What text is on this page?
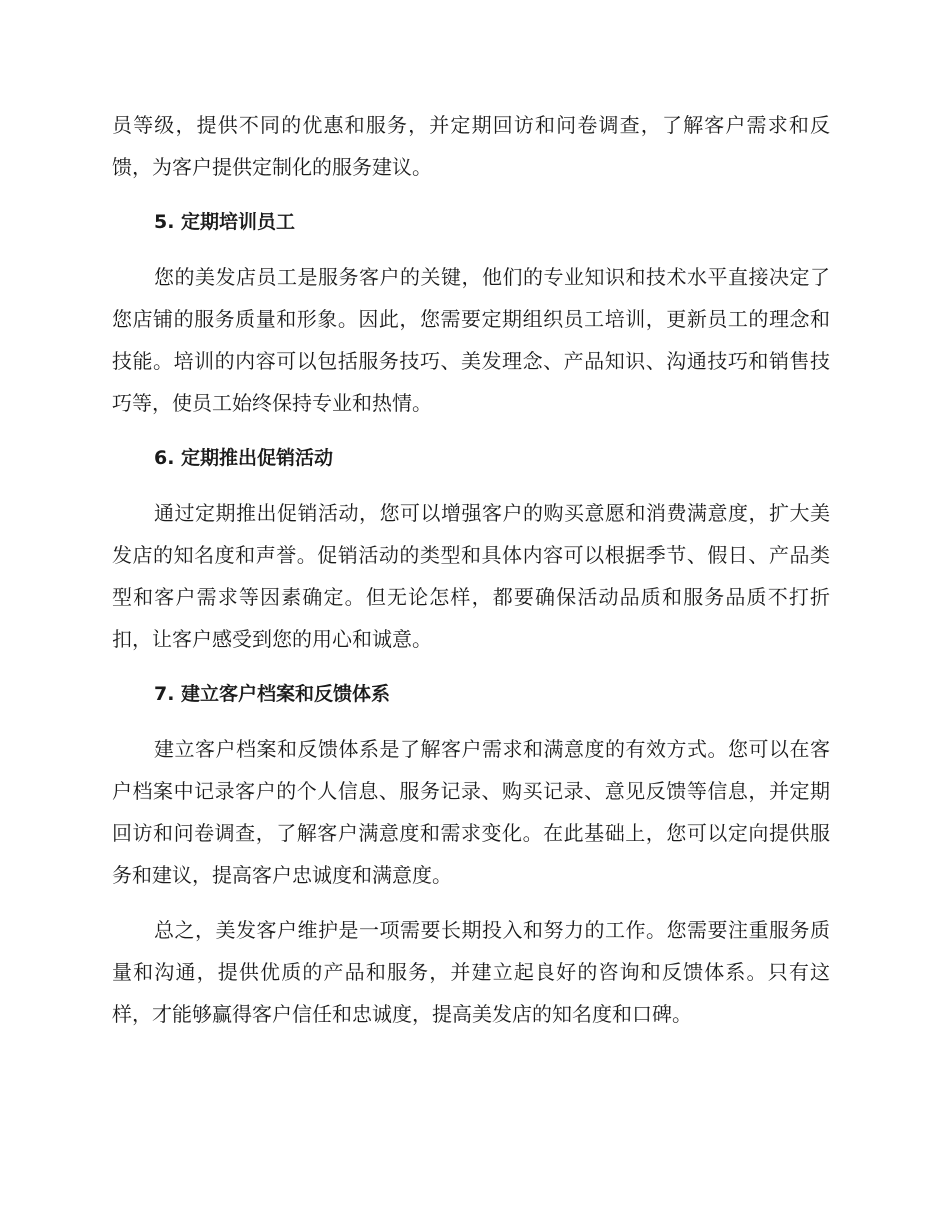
员等级，提供不同的优惠和服务，并定期回访和问卷调查，了解客户需求和反馈，为客户提供定制化的服务建议。

5. 定期培训员工

您的美发店员工是服务客户的关键，他们的专业知识和技术水平直接决定了您店铺的服务质量和形象。因此，您需要定期组织员工培训，更新员工的理念和技能。培训的内容可以包括服务技巧、美发理念、产品知识、沟通技巧和销售技巧等，使员工始终保持专业和热情。

6. 定期推出促销活动

通过定期推出促销活动，您可以增强客户的购买意愿和消费满意度，扩大美发店的知名度和声誉。促销活动的类型和具体内容可以根据季节、假日、产品类型和客户需求等因素确定。但无论怎样，都要确保活动品质和服务品质不打折扣，让客户感受到您的用心和诚意。

7. 建立客户档案和反馈体系

建立客户档案和反馈体系是了解客户需求和满意度的有效方式。您可以在客户档案中记录客户的个人信息、服务记录、购买记录、意见反馈等信息，并定期回访和问卷调查，了解客户满意度和需求变化。在此基础上，您可以定向提供服务和建议，提高客户忠诚度和满意度。

总之，美发客户维护是一项需要长期投入和努力的工作。您需要注重服务质量和沟通，提供优质的产品和服务，并建立起良好的咨询和反馈体系。只有这样，才能够赢得客户信任和忠诚度，提高美发店的知名度和口碑。
